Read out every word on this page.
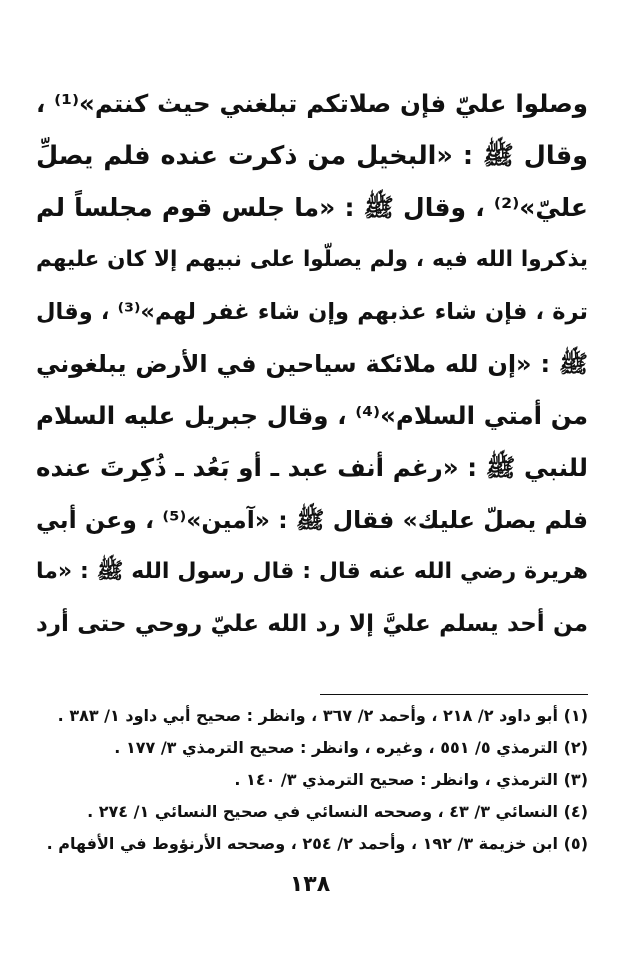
وصلوا عليّ فإن صلاتكم تبلغني حيث كنتم»⁽¹⁾ ،
وقال ﷺ : «البخيل من ذكرت عنده فلم يصلِّ
عليّ»⁽²⁾ ، وقال ﷺ : «ما جلس قوم مجلساً لم
يذكروا الله فيه ، ولم يصلّوا على نبيهم إلا كان عليهم
ترة ، فإن شاء عذبهم وإن شاء غفر لهم»⁽³⁾ ، وقال
ﷺ : «إن لله ملائكة سياحين في الأرض يبلغوني
من أمتي السلام»⁽⁴⁾ ، وقال جبريل عليه السلام
للنبي ﷺ : «رغم أنف عبد ـ أو بَعُد ـ ذُكِرتَ عنده
فلم يصلّ عليك» فقال ﷺ : «آمين»⁽⁵⁾ ، وعن أبي
هريرة رضي الله عنه قال : قال رسول الله ﷺ : «ما
من أحد يسلم عليَّ إلا رد الله عليّ روحي حتى أرد
(١) أبو داود ٢/ ٢١٨ ، وأحمد ٢/ ٣٦٧ ، وانظر : صحيح أبي داود ١/ ٣٨٣ .
(٢) الترمذي ٥/ ٥٥١ ، وغيره ، وانظر : صحيح الترمذي ٣/ ١٧٧ .
(٣) الترمذي ، وانظر : صحيح الترمذي ٣/ ١٤٠ .
(٤) النسائي ٣/ ٤٣ ، وصححه النسائي في صحيح النسائي ١/ ٢٧٤ .
(٥) ابن خزيمة ٣/ ١٩٢ ، وأحمد ٢/ ٢٥٤ ، وصححه الأرنؤوط في الأفهام .
١٣٨
